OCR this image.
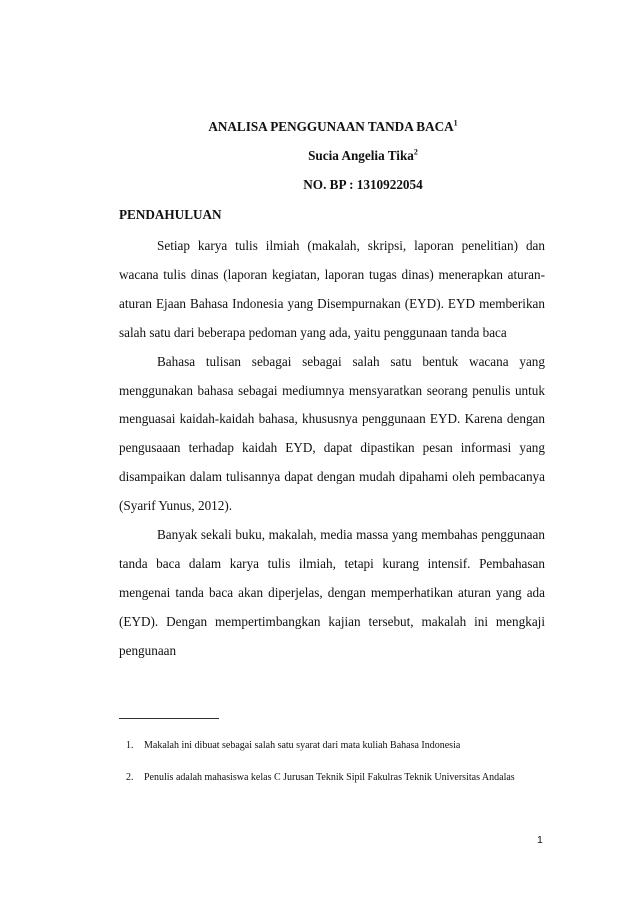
ANALISA PENGGUNAAN TANDA BACA$^1$
Sucia Angelia Tika$^2$
NO. BP : 1310922054
PENDAHULUAN

Setiap karya tulis ilmiah (makalah, skripsi, laporan penelitian) dan wacana tulis dinas (laporan kegiatan, laporan tugas dinas) menerapkan aturan-aturan Ejaan Bahasa Indonesia yang Disempurnakan (EYD). EYD memberikan salah satu dari beberapa pedoman yang ada, yaitu penggunaan tanda baca

Bahasa tulisan sebagai sebagai salah satu bentuk wacana yang menggunakan bahasa sebagai mediumnya mensyaratkan seorang penulis untuk menguasai kaidah-kaidah bahasa, khususnya penggunaan EYD. Karena dengan pengusaaan terhadap kaidah EYD, dapat dipastikan pesan informasi yang disampaikan dalam tulisannya dapat dengan mudah dipahami oleh pembacanya (Syarif Yunus, 2012).

Banyak sekali buku, makalah, media massa yang membahas penggunaan tanda baca dalam karya tulis ilmiah, tetapi kurang intensif. Pembahasan mengenai tanda baca akan diperjelas, dengan memperhatikan aturan yang ada (EYD). Dengan mempertimbangkan kajian tersebut, makalah ini mengkaji pengunaan

1.	Makalah ini dibuat sebagai salah satu syarat dari mata kuliah Bahasa Indonesia
2.	Penulis adalah mahasiswa kelas C Jurusan Teknik Sipil Fakulras Teknik Universitas Andalas
1
